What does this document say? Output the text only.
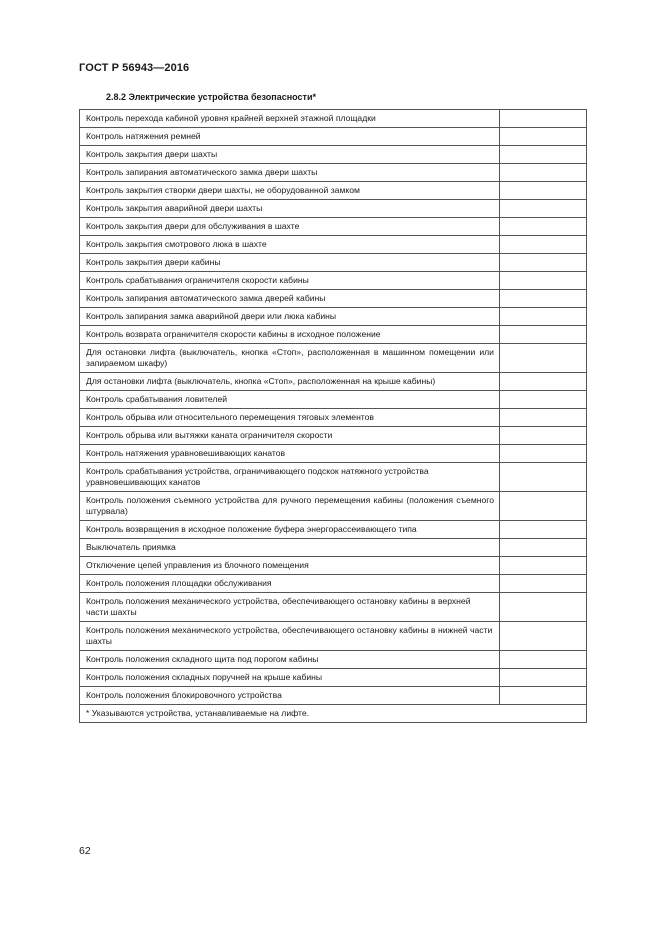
ГОСТ Р 56943—2016
2.8.2 Электрические устройства безопасности*
Контроль перехода кабиной уровня крайней верхней этажной площадки	
Контроль натяжения ремней	
Контроль закрытия двери шахты	
Контроль запирания автоматического замка двери шахты	
Контроль закрытия створки двери шахты, не оборудованной замком	
Контроль закрытия аварийной двери шахты	
Контроль закрытия двери для обслуживания в шахте	
Контроль закрытия смотрового люка в шахте	
Контроль закрытия двери кабины	
Контроль срабатывания ограничителя скорости кабины	
Контроль запирания автоматического замка дверей кабины	
Контроль запирания замка аварийной двери или люка кабины	
Контроль возврата ограничителя скорости кабины в исходное положение	
Для остановки лифта (выключатель, кнопка «Стоп», расположенная в машинном помещении или запираемом шкафу)	
Для остановки лифта (выключатель, кнопка «Стоп», расположенная на крыше кабины)	
Контроль срабатывания ловителей	
Контроль обрыва или относительного перемещения тяговых элементов	
Контроль обрыва или вытяжки каната ограничителя скорости	
Контроль натяжения уравновешивающих канатов	
Контроль срабатывания устройства, ограничивающего подскок натяжного устройства уравновешивающих канатов	
Контроль положения съемного устройства для ручного перемещения кабины (положения съемного штурвала)	
Контроль возвращения в исходное положение буфера энергорассеивающего типа	
Выключатель приямка	
Отключение цепей управления из блочного помещения	
Контроль положения площадки обслуживания	
Контроль положения механического устройства, обеспечивающего остановку кабины в верхней части шахты	
Контроль положения механического устройства, обеспечивающего остановку кабины в нижней части шахты	
Контроль положения складного щита под порогом кабины	
Контроль положения складных поручней на крыше кабины	
Контроль положения блокировочного устройства	
* Указываются устройства, устанавливаемые на лифте.	
62
